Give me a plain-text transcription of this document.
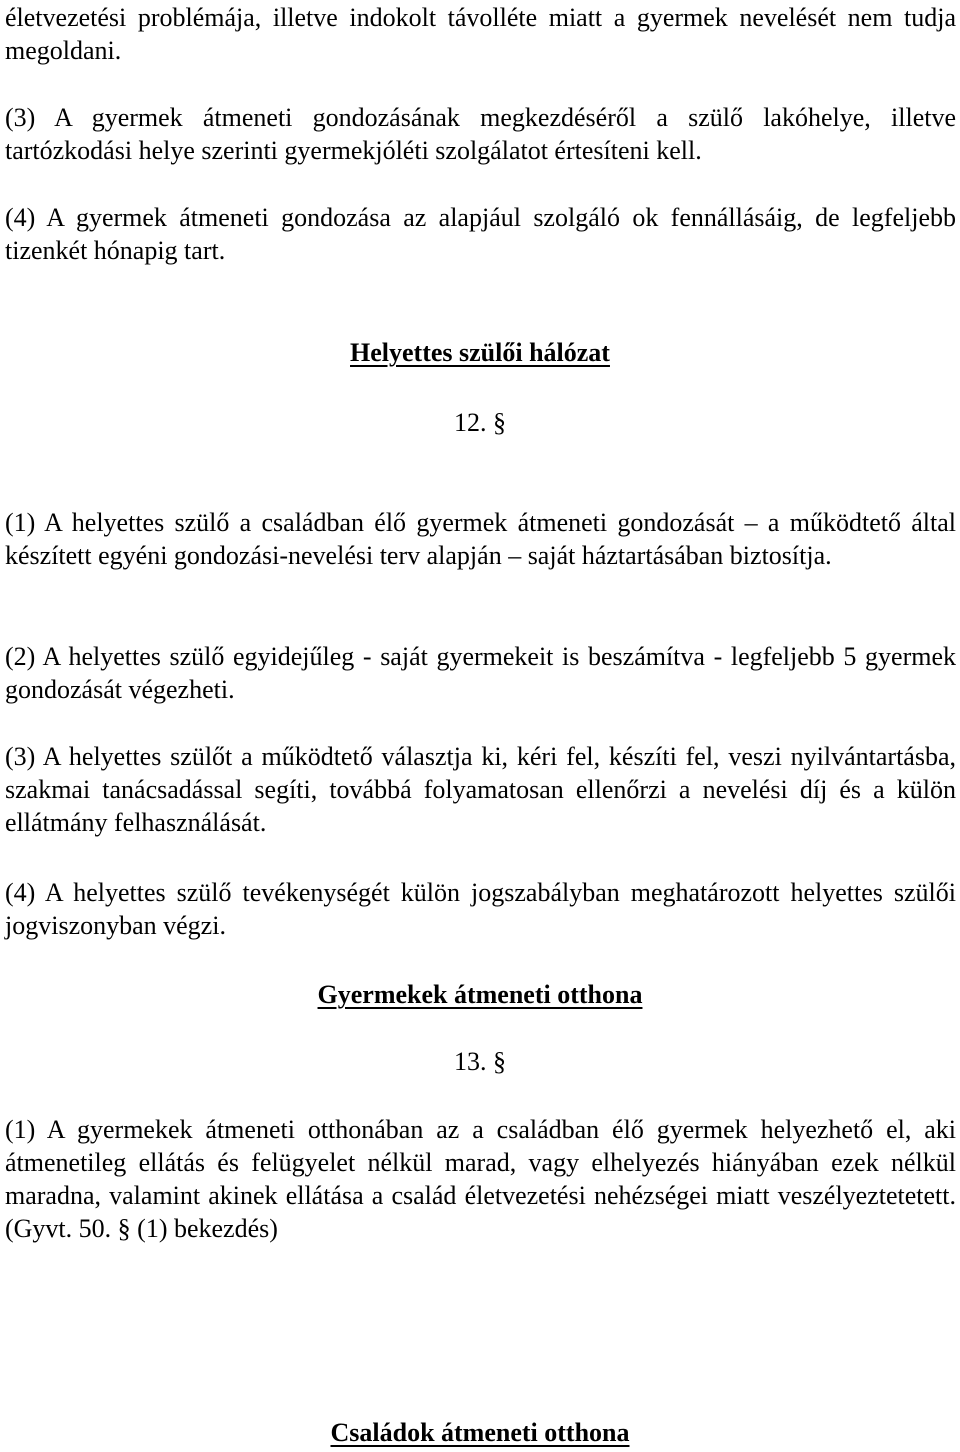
életvezetési problémája, illetve indokolt távolléte miatt a gyermek nevelését nem tudja megoldani.

(3) A gyermek átmeneti gondozásának megkezdéséről a szülő lakóhelye, illetve tartózkodási helye szerinti gyermekjóléti szolgálatot értesíteni kell.

(4) A gyermek átmeneti gondozása az alapjául szolgáló ok fennállásáig, de legfeljebb tizenkét hónapig tart.

Helyettes szülői hálózat

12. §

(1) A helyettes szülő a családban élő gyermek átmeneti gondozását – a működtető által készített egyéni gondozási-nevelési terv alapján – saját háztartásában biztosítja.

(2) A helyettes szülő egyidejűleg - saját gyermekeit is beszámítva - legfeljebb 5 gyermek gondozását végezheti.

(3) A helyettes szülőt a működtető választja ki, kéri fel, készíti fel, veszi nyilvántartásba, szakmai tanácsadással segíti, továbbá folyamatosan ellenőrzi a nevelési díj és a külön ellátmány felhasználását.

(4) A helyettes szülő tevékenységét külön jogszabályban meghatározott helyettes szülői jogviszonyban végzi.

Gyermekek átmeneti otthona

13. §

(1) A gyermekek átmeneti otthonában az a családban élő gyermek helyezhető el, aki átmenetileg ellátás és felügyelet nélkül marad, vagy elhelyezés hiányában ezek nélkül maradna, valamint akinek ellátása a család életvezetési nehézségei miatt veszélyeztetetett. (Gyvt. 50. § (1) bekezdés)

Családok átmeneti otthona
